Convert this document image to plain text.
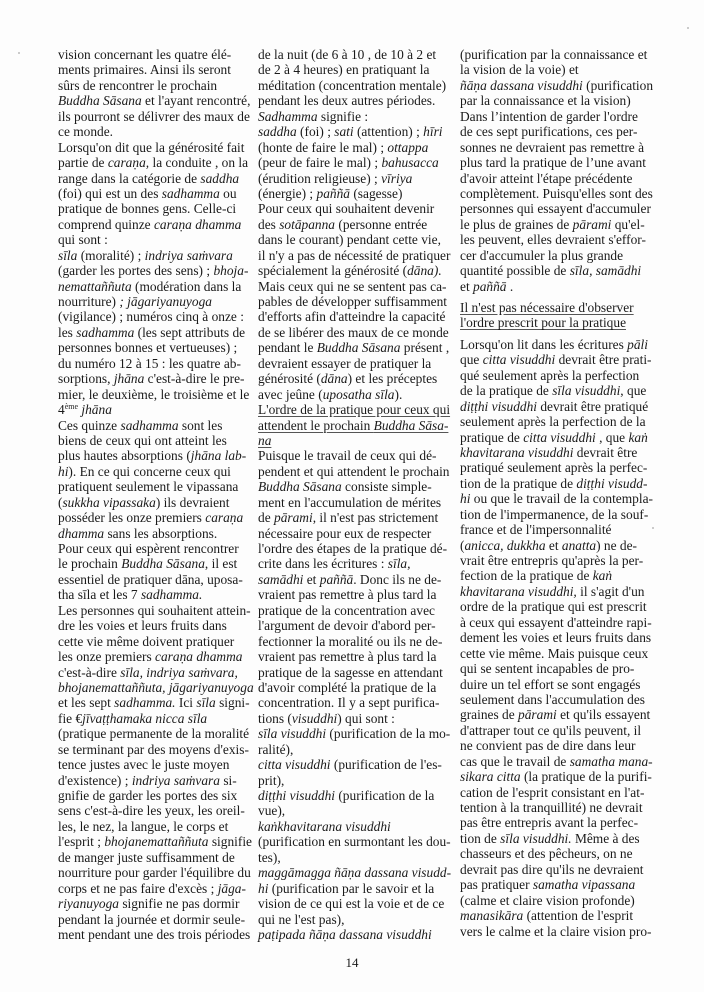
vision concernant les quatre élé-
ments primaires. Ainsi ils seront
sûrs de rencontrer le prochain
Buddha Sāsana et l'ayant rencontré,
ils pourront se délivrer des maux de
ce monde.
Lorsqu'on dit que la générosité fait
partie de caraṇa, la conduite , on la
range dans la catégorie de saddha
(foi) qui est un des sadhamma ou
pratique de bonnes gens. Celle-ci
comprend quinze caraṇa dhamma
qui sont :
sīla (moralité) ; indriya saṁvara
(garder les portes des sens) ; bhoja-
nemattaññuta (modération dans la
nourriture) ; jāgariyanuyoga
(vigilance) ; numéros cinq à onze :
les sadhamma (les sept attributs de
personnes bonnes et vertueuses) ;
du numéro 12 à 15 : les quatre ab-
sorptions, jhāna c'est-à-dire le pre-
mier, le deuxième, le troisième et le
4ème jhāna
Ces quinze sadhamma sont les
biens de ceux qui ont atteint les
plus hautes absorptions (jhāna lab-
hi). En ce qui concerne ceux qui
pratiquent seulement le vipassana
(sukkha vipassaka) ils devraient
posséder les onze premiers caraṇa
dhamma sans les absorptions.
Pour ceux qui espèrent rencontrer
le prochain Buddha Sāsana, il est
essentiel de pratiquer dāna, uposa-
tha sīla et les 7 sadhamma.
Les personnes qui souhaitent attein-
dre les voies et leurs fruits dans
cette vie même doivent pratiquer
les onze premiers caraṇa dhamma
c'est-à-dire sīla, indriya saṁvara,
bhojanemattaññuta, jāgariyanuyoga
et les sept sadhamma. Ici sīla signi-
fie €jīvaṭṭhamaka nicca sīla
(pratique permanente de la moralité
se terminant par des moyens d'exis-
tence justes avec le juste moyen
d'existence) ; indriya saṁvara si-
gnifie de garder les portes des six
sens c'est-à-dire les yeux, les oreil-
les, le nez, la langue, le corps et
l'esprit ; bhojanemattaññuta signifie
de manger juste suffisamment de
nourriture pour garder l'équilibre du
corps et ne pas faire d'excès ; jāga-
riyanuyoga signifie ne pas dormir
pendant la journée et dormir seule-
ment pendant une des trois périodes
de la nuit (de 6 à 10 , de 10 à 2 et
de 2 à 4 heures) en pratiquant la
méditation (concentration mentale)
pendant les deux autres périodes.
Sadhamma signifie :
saddha (foi) ; sati (attention) ; hīri
(honte de faire le mal) ; ottappa
(peur de faire le mal) ; bahusacca
(érudition religieuse) ; vīriya
(énergie) ; paññā (sagesse)
Pour ceux qui souhaitent devenir
des sotāpanna (personne entrée
dans le courant) pendant cette vie,
il n'y a pas de nécessité de pratiquer
spécialement la générosité (dāna).
Mais ceux qui ne se sentent pas ca-
pables de développer suffisamment
d'efforts afin d'atteindre la capacité
de se libérer des maux de ce monde
pendant le Buddha Sāsana présent ,
devraient essayer de pratiquer la
générosité (dāna) et les préceptes
avec jeûne (uposatha sīla).
L'ordre de la pratique pour ceux qui
attendent le prochain Buddha Sāsa-
na
Puisque le travail de ceux qui dé-
pendent et qui attendent le prochain
Buddha Sāsana consiste simple-
ment en l'accumulation de mérites
de pārami, il n'est pas strictement
nécessaire pour eux de respecter
l'ordre des étapes de la pratique dé-
crite dans les écritures : sīla,
samādhi et paññā. Donc ils ne de-
vraient pas remettre à plus tard la
pratique de la concentration avec
l'argument de devoir d'abord per-
fectionner la moralité ou ils ne de-
vraient pas remettre à plus tard la
pratique de la sagesse en attendant
d'avoir complété la pratique de la
concentration. Il y a sept purifica-
tions (visuddhi) qui sont :
sīla visuddhi (purification de la mo-
ralité),
citta visuddhi (purification de l'es-
prit),
diṭṭhi visuddhi (purification de la
vue),
kaṅkhavitarana visuddhi
(purification en surmontant les dou-
tes),
maggāmagga ñāṇa dassana visudd-
hi (purification par le savoir et la
vision de ce qui est la voie et de ce
qui ne l'est pas),
paṭipada ñāṇa dassana visuddhi
(purification par la connaissance et
la vision de la voie) et
ñāṇa dassana visuddhi (purification
par la connaissance et la vision)
Dans l’intention de garder l'ordre
de ces sept purifications, ces per-
sonnes ne devraient pas remettre à
plus tard la pratique de l’une avant
d'avoir atteint l'étape précédente
complètement. Puisqu'elles sont des
personnes qui essayent d'accumuler
le plus de graines de pārami qu'el-
les peuvent, elles devraient s'effor-
cer d'accumuler la plus grande
quantité possible de sīla, samādhi
et paññā .
Il n'est pas nécessaire d'observer
l'ordre prescrit pour la pratique
Lorsqu'on lit dans les écritures pāli
que citta visuddhi devrait être prati-
qué seulement après la perfection
de la pratique de sīla visuddhi, que
diṭṭhi visuddhi devrait être pratiqué
seulement après la perfection de la
pratique de citta visuddhi , que kaṅ
khavitarana visuddhi devrait être
pratiqué seulement après la perfec-
tion de la pratique de diṭṭhi visudd-
hi ou que le travail de la contempla-
tion de l'impermanence, de la souf-
france et de l'impersonnalité
(anicca, dukkha et anatta) ne de-
vrait être entrepris qu'après la per-
fection de la pratique de kaṅ
khavitarana visuddhi, il s'agit d'un
ordre de la pratique qui est prescrit
à ceux qui essayent d'atteindre rapi-
dement les voies et leurs fruits dans
cette vie même. Mais puisque ceux
qui se sentent incapables de pro-
duire un tel effort se sont engagés
seulement dans l'accumulation des
graines de pārami et qu'ils essayent
d'attraper tout ce qu'ils peuvent, il
ne convient pas de dire dans leur
cas que le travail de samatha mana-
sikara citta (la pratique de la purifi-
cation de l'esprit consistant en l'at-
tention à la tranquillité) ne devrait
pas être entrepris avant la perfec-
tion de sīla visuddhi. Même à des
chasseurs et des pêcheurs, on ne
devrait pas dire qu'ils ne devraient
pas pratiquer samatha vipassana
(calme et claire vision profonde)
manasikāra (attention de l'esprit
vers le calme et la claire vision pro-
14
